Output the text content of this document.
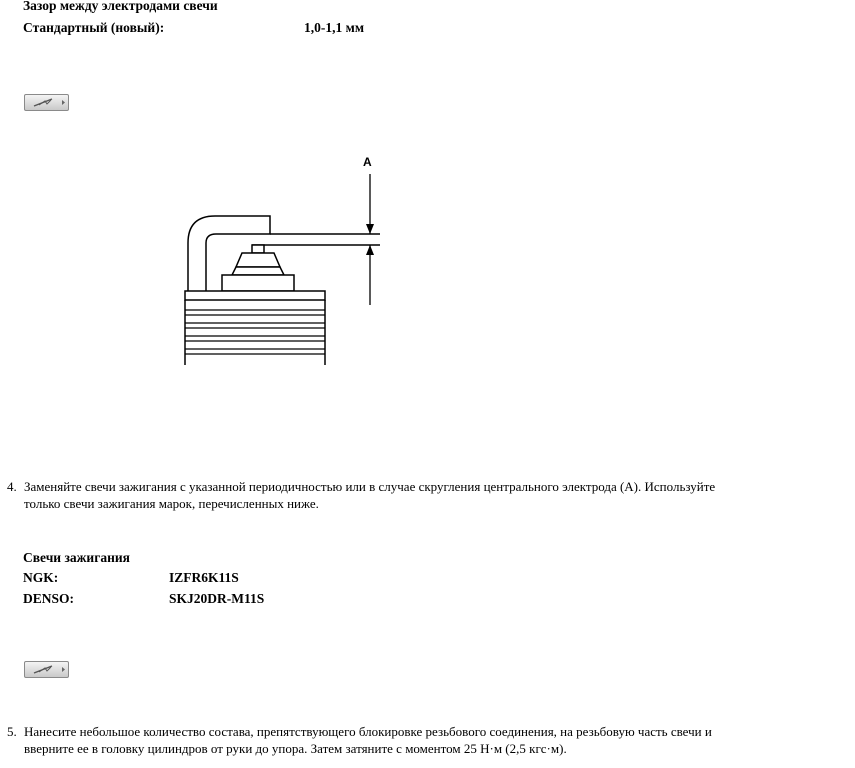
Зазор между электродами свечи
Стандартный (новый):	1,0-1,1 мм
A
4. Заменяйте свечи зажигания с указанной периодичностью или в случае скругления центрального электрода (A). Используйте
только свечи зажигания марок, перечисленных ниже.
Свечи зажигания
NGK:	IZFR6K11S
DENSO:	SKJ20DR-M11S
5. Нанесите небольшое количество состава, препятствующего блокировке резьбового соединения, на резьбовую часть свечи и
вверните ее в головку цилиндров от руки до упора. Затем затяните с моментом 25 Н·м (2,5 кгс·м).
